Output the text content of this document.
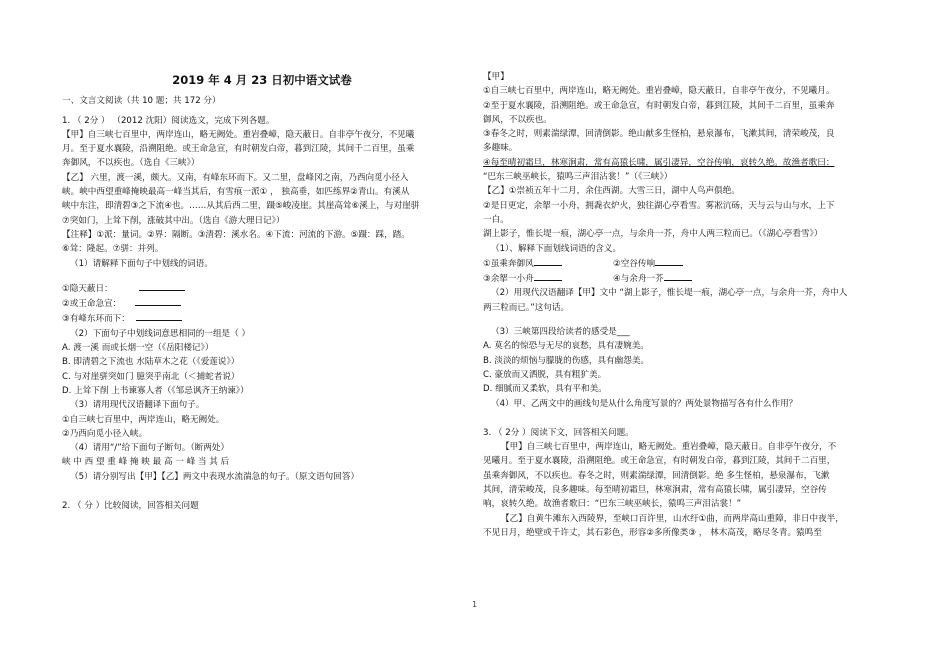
2019 年 4 月 23 日初中语文试卷
一、文言文阅读（共 10 题；共 172 分）
1. （ 2分 ） （2012 沈阳）阅读选文，完成下列各题。
【甲】自三峡七百里中，两岸连山，略无阙处。重岩叠嶂，隐天蔽日。自非亭午夜分，不见曦
月。至于夏水襄陵，沿溯阻绝。或王命急宣，有时朝发白帝，暮到江陵，其间千二百里，虽乘
奔御风，不以疾也。（选自《三峡》）
【乙】 六里，渡一溪，颇大。又南，有峰东环而下。又二里，盘峰冈之南，乃西向觅小径入
峡。峡中西望重峰掩映最高一峰当其后，有雪痕一派① ， 独高垂，如匹练界②青山。有溪从
峡中东注，即清碧③之下流④也。……从其后西二里，蹑⑤峻凌崖。其崖高耸⑥溪上，与对崖骈
⑦突如门，上耸下削，涨破其中出。（选自《游大理日记》）
【注释】①派：量词。②界：隔断。③清碧：溪水名。④下流：河流的下游。⑤蹑：踩，踏。
⑥耸：隆起。⑦骈：并列。
（1）请解释下面句子中划线的词语。
①隐天蔽日：
②或王命急宣：
③有峰东环而下：
（2）下面句子中划线词意思相同的一组是（ ）
A. 渡一溪 而或长烟一空（《岳阳楼记》）
B. 即清碧之下流也 水陆草木之花（《爱莲说》）
C. 与对崖骈突如门 臆突乎南北（＜捕蛇者说）
D. 上耸下削 上书谏寡人者（《邹忌讽齐王纳谏》）
（3）请用现代汉语翻译下面句子。
①自三峡七百里中，两岸连山，略无阙处。
②乃西向觅小径入峡。
（4）请用“/”给下面句子断句。（断两处）
峡 中 西 望 重 峰 掩 映 最 高 一 峰 当 其 后
（5）请分别写出【甲】【乙】两文中表现水流湍急的句子。（原文语句回答）
2. （ 分 ）比较阅读，回答相关问题
【甲】
①自三峡七百里中，两岸连山，略无阙处。重岩叠嶂，隐天蔽日，自非亭午夜分，不见曦月。
②至于夏水襄陵，沿溯阻绝。或王命急宣，有时朝发白帝，暮到江陵，其间千二百里，虽乘奔
御风，不以疾也。
③春冬之时，则素湍绿潭，回清倒影。绝山献多生怪柏，悬泉瀑布，飞漱其间，清荣峻茂，良
多趣味。
④每至晴初霜旦，林寒涧肃，常有高猿长啸，属引凄异，空谷传响，哀转久绝。故渔者歌曰：
“巴东三峡巫峡长，猿鸣三声泪沾裳！”（《三峡》）
【乙】①崇祯五年十二月，余住西湖。大雪三日，湖中人鸟声俱绝。
②是日更定，余挐一小舟，拥毳衣炉火，独往湖心亭看雪。雾凇沆砀，天与云与山与水，上下
一白。
湖上影子，惟长堤一痕，湖心亭一点，与余舟一芥，舟中人两三粒而已。（《湖心亭看雪》）
（1）、解释下面划线词语的含义。
①虽乘奔御风	②空谷传响
③余挐一小舟	④与余舟一芥
（2）用现代汉语翻译【甲】文中 “湖上影子，惟长堤一痕，湖心亭一点，与余舟一芥，舟中人
两三粒而已。”这句话。
（3）三峡第四段给读者的感受是___
A. 莫名的惊恐与无尽的哀愁，具有凄婉美。
B. 淡淡的烦恼与朦胧的伤感，具有幽怨美。
C. 豪放而又洒脱，具有粗犷美。
D. 细腻而又柔软，具有平和美。
（4）甲、乙两文中的画线句是从什么角度写景的？两处景物描写各有什么作用？
3. （ 2分 ）阅读下文，回答相关问题。
【甲】自三峡七百里中，两岸连山，略无阙处。重岩叠嶂，隐天蔽日。自非亭午夜分，不
见曦月。至于夏水襄陵，沿溯阻绝。或王命急宣，有时朝发白帝，暮到江陵，其间千二百里，
虽乘奔御风，不以疾也。春冬之时，则素湍绿潭，回清倒影。绝 多生怪柏，悬泉瀑布，飞漱
其间，清荣峻茂，良多趣味。每至晴初霜旦，林寒涧肃，常有高猿长啸，属引凄异，空谷传
响，哀转久绝。故渔者歌曰：“巴东三峡巫峡长，猿鸣三声泪沾裳！”
【乙】自黄牛滩东入西陵界，至峡口百许里，山水纡①曲，而两岸高山重障，非日中夜半，
不见日月，绝壁或千许丈，其石彩色，形容②多所像类③ ， 林木高茂，略尽冬青。猿鸣至
1
